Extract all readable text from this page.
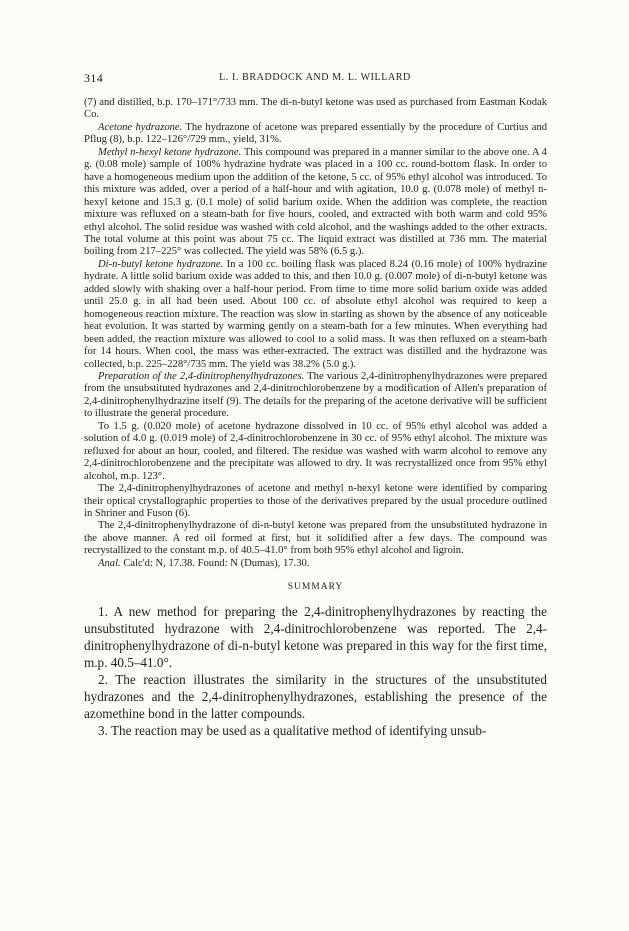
314	L. I. BRADDOCK AND M. L. WILLARD

(7) and distilled, b.p. 170–171°/733 mm. The di-n-butyl ketone was used as purchased from Eastman Kodak Co.

Acetone hydrazone. The hydrazone of acetone was prepared essentially by the procedure of Curtius and Pflug (8), b.p. 122–126°/729 mm., yield, 31%.

Methyl n-hexyl ketone hydrazone. This compound was prepared in a manner similar to the above one. A 4 g. (0.08 mole) sample of 100% hydrazine hydrate was placed in a 100 cc. round-bottom flask. In order to have a homogeneous medium upon the addition of the ketone, 5 cc. of 95% ethyl alcohol was introduced. To this mixture was added, over a period of a half-hour and with agitation, 10.0 g. (0.078 mole) of methyl n-hexyl ketone and 15.3 g. (0.1 mole) of solid barium oxide. When the addition was complete, the reaction mixture was refluxed on a steam-bath for five hours, cooled, and extracted with both warm and cold 95% ethyl alcohol. The solid residue was washed with cold alcohol, and the washings added to the other extracts. The total volume at this point was about 75 cc. The liquid extract was distilled at 736 mm. The material boiling from 217–225° was collected. The yield was 58% (6.5 g.).

Di-n-butyl ketone hydrazone. In a 100 cc. boiling flask was placed 8.24 (0.16 mole) of 100% hydrazine hydrate. A little solid barium oxide was added to this, and then 10.0 g. (0.007 mole) of di-n-butyl ketone was added slowly with shaking over a half-hour period. From time to time more solid barium oxide was added until 25.0 g. in all had been used. About 100 cc. of absolute ethyl alcohol was required to keep a homogeneous reaction mixture. The reaction was slow in starting as shown by the absence of any noticeable heat evolution. It was started by warming gently on a steam-bath for a few minutes. When everything had been added, the reaction mixture was allowed to cool to a solid mass. It was then refluxed on a steam-bath for 14 hours. When cool, the mass was ether-extracted. The extract was distilled and the hydrazone was collected, b.p. 225–228°/735 mm. The yield was 38.2% (5.0 g.).

Preparation of the 2,4-dinitrophenylhydrazones. The various 2,4-dinitrophenylhydrazones were prepared from the unsubstituted hydrazones and 2,4-dinitrochlorobenzene by a modification of Allen's preparation of 2,4-dinitrophenylhydrazine itself (9). The details for the preparing of the acetone derivative will be sufficient to illustrate the general procedure.

To 1.5 g. (0.020 mole) of acetone hydrazone dissolved in 10 cc. of 95% ethyl alcohol was added a solution of 4.0 g. (0.019 mole) of 2,4-dinitrochlorobenzene in 30 cc. of 95% ethyl alcohol. The mixture was refluxed for about an hour, cooled, and filtered. The residue was washed with warm alcohol to remove any 2,4-dinitrochlorobenzene and the precipitate was allowed to dry. It was recrystallized once from 95% ethyl alcohol, m.p. 123°.

The 2,4-dinitrophenylhydrazones of acetone and methyl n-hexyl ketone were identified by comparing their optical crystallographic properties to those of the derivatives prepared by the usual procedure outlined in Shriner and Fuson (6).

The 2,4-dinitrophenylhydrazone of di-n-butyl ketone was prepared from the unsubstituted hydrazone in the above manner. A red oil formed at first, but it solidified after a few days. The compound was recrystallized to the constant m.p. of 40.5–41.0° from both 95% ethyl alcohol and ligroin.

Anal. Calc'd: N, 17.38. Found: N (Dumas), 17.30.

SUMMARY

1. A new method for preparing the 2,4-dinitrophenylhydrazones by reacting the unsubstituted hydrazone with 2,4-dinitrochlorobenzene was reported. The 2,4-dinitrophenylhydrazone of di-n-butyl ketone was prepared in this way for the first time, m.p. 40.5–41.0°.

2. The reaction illustrates the similarity in the structures of the unsubstituted hydrazones and the 2,4-dinitrophenylhydrazones, establishing the presence of the azomethine bond in the latter compounds.

3. The reaction may be used as a qualitative method of identifying unsub-
